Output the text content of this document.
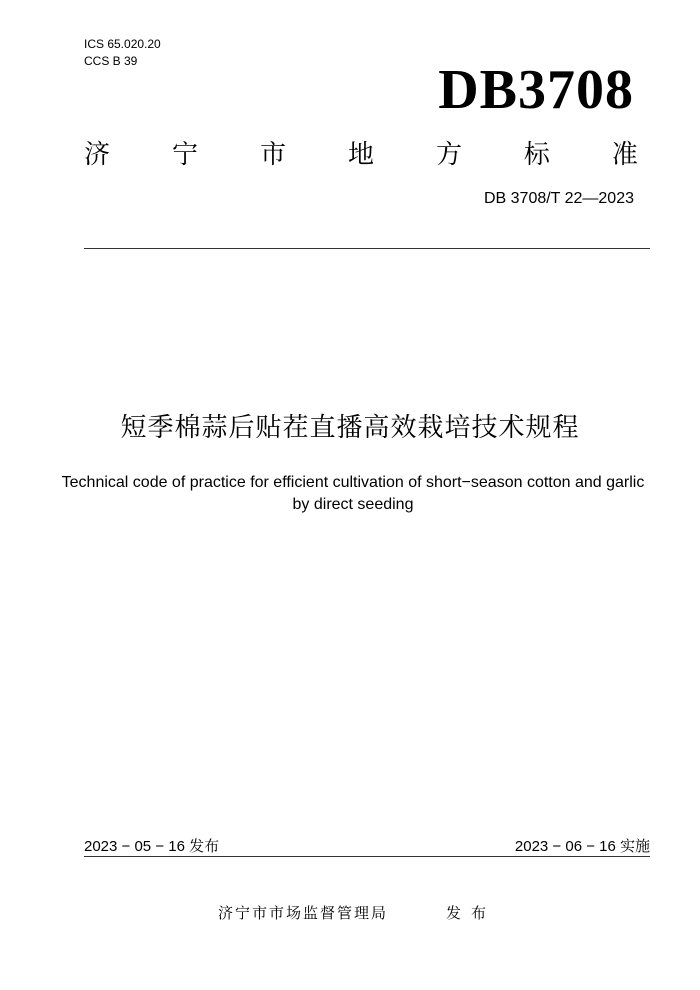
ICS 65.020.20
CCS B 39	DB3708
济 宁 市 地 方 标 准
DB 3708/T 22—2023
短季棉蒜后贴茬直播高效栽培技术规程
Technical code of practice for efficient cultivation of short−season cotton and garlic by direct seeding
2023 − 05 − 16 发布	2023 − 06 − 16 实施
济宁市市场监督管理局	发布
